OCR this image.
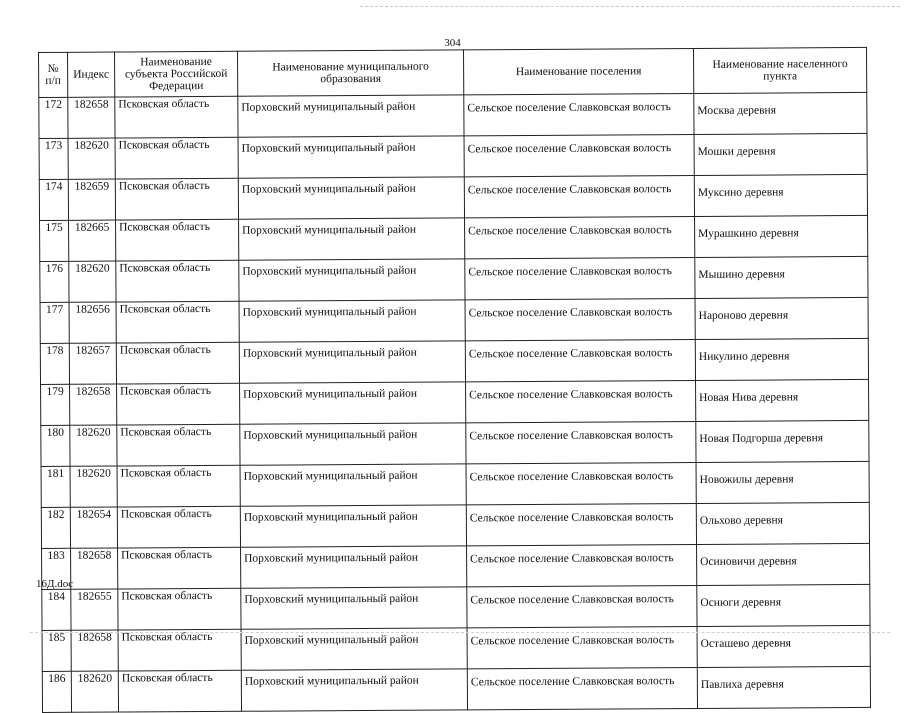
304
№ п/п	Индекс	Наименование субъекта Российской Федерации	Наименование муниципального образования	Наименование поселения	Наименование населенного пункта
172	182658	Псковская область	Порховский муниципальный район	Сельское поселение Славковская волость	Москва деревня
173	182620	Псковская область	Порховский муниципальный район	Сельское поселение Славковская волость	Мошки деревня
174	182659	Псковская область	Порховский муниципальный район	Сельское поселение Славковская волость	Муксино деревня
175	182665	Псковская область	Порховский муниципальный район	Сельское поселение Славковская волость	Мурашкино деревня
176	182620	Псковская область	Порховский муниципальный район	Сельское поселение Славковская волость	Мышино деревня
177	182656	Псковская область	Порховский муниципальный район	Сельское поселение Славковская волость	Нароново деревня
178	182657	Псковская область	Порховский муниципальный район	Сельское поселение Славковская волость	Никулино деревня
179	182658	Псковская область	Порховский муниципальный район	Сельское поселение Славковская волость	Новая Нива деревня
180	182620	Псковская область	Порховский муниципальный район	Сельское поселение Славковская волость	Новая Подгорша деревня
181	182620	Псковская область	Порховский муниципальный район	Сельское поселение Славковская волость	Новожилы деревня
182	182654	Псковская область	Порховский муниципальный район	Сельское поселение Славковская волость	Ольхово деревня
183	182658	Псковская область	Порховский муниципальный район	Сельское поселение Славковская волость	Осиновичи деревня
184	182655	Псковская область	Порховский муниципальный район	Сельское поселение Славковская волость	Оснюги деревня
185	182658	Псковская область	Порховский муниципальный район	Сельское поселение Славковская волость	Осташево деревня
186	182620	Псковская область	Порховский муниципальный район	Сельское поселение Славковская волость	Павлиха деревня
16Д.doc
